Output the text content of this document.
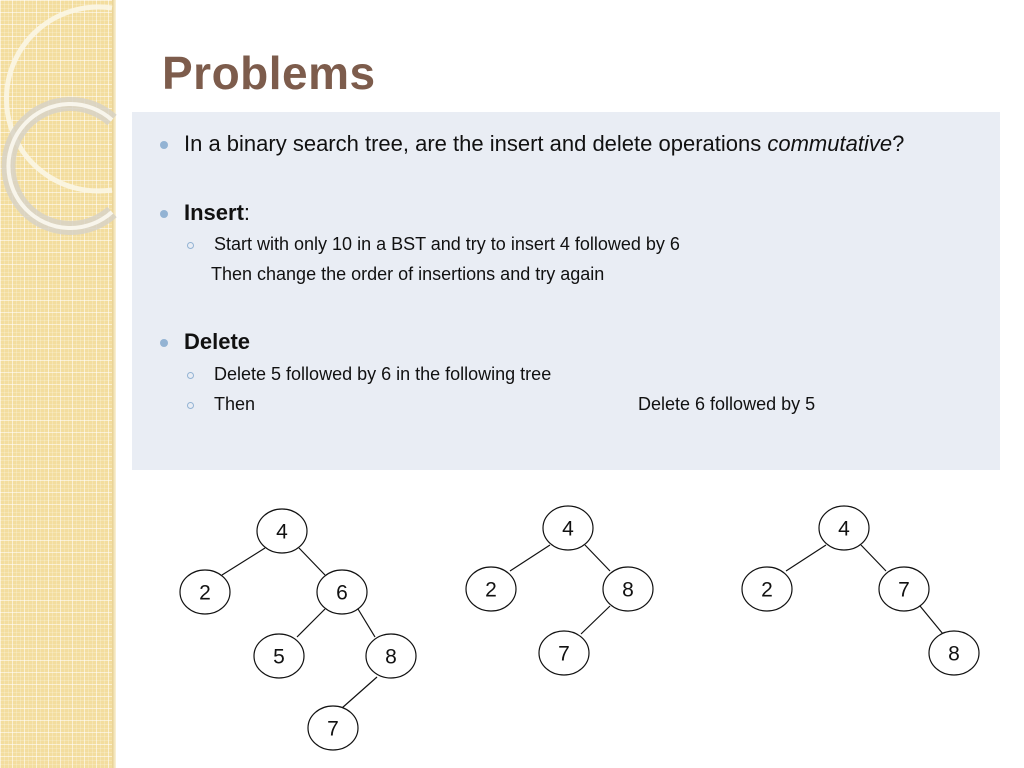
Problems
In a binary search tree, are the insert and delete operations commutative?
Insert:
Start with only 10 in a BST and try to insert 4 followed by 6
Then change the order of insertions and try again
Delete
Delete 5 followed by 6 in the following tree
Then	Delete 6 followed by 5
4
2	6
5	8
7
4
2	8
7
4
2	7
8
